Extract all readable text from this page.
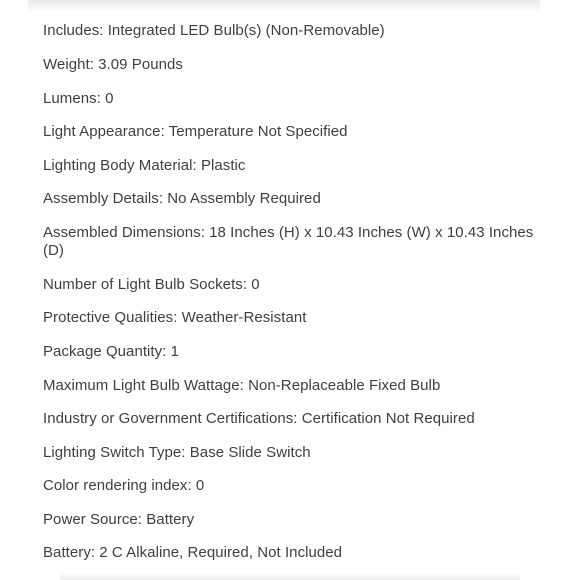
Includes: Integrated LED Bulb(s) (Non-Removable)

Weight: 3.09 Pounds

Lumens: 0

Light Appearance: Temperature Not Specified

Lighting Body Material: Plastic

Assembly Details: No Assembly Required

Assembled Dimensions: 18 Inches (H) x 10.43 Inches (W) x 10.43 Inches (D)

Number of Light Bulb Sockets: 0

Protective Qualities: Weather-Resistant

Package Quantity: 1

Maximum Light Bulb Wattage: Non-Replaceable Fixed Bulb

Industry or Government Certifications: Certification Not Required

Lighting Switch Type: Base Slide Switch

Color rendering index: 0

Power Source: Battery

Battery: 2 C Alkaline, Required, Not Included
